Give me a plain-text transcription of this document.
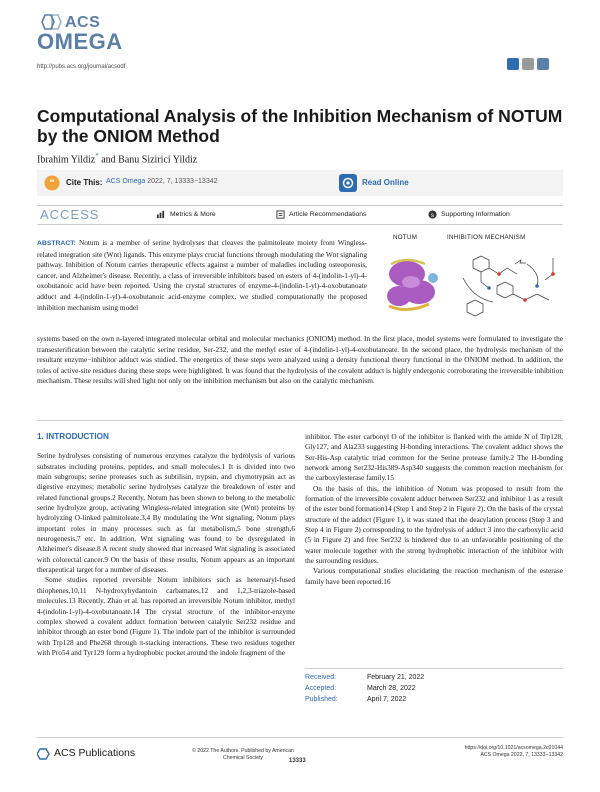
ACS
OMEGA
http://pubs.acs.org/journal/acsodf
Computational Analysis of the Inhibition Mechanism of NOTUM by the ONIOM Method
Ibrahim Yildiz* and Banu Sizirici Yildiz
" Cite This: ACS Omega 2022, 7, 13333−13342	Read Online
ACCESS	Metrics & More	Article Recommendations	s Supporting Information
ABSTRACT: Notum is a member of serine hydrolyses that cleaves the palmitoleate moiety from Wingless-related integration site (Wnt) ligands. This enzyme plays crucial functions through modulating the Wnt signaling pathway. Inhibition of Notum carries therapeutic effects against a number of maladies including osteoporosis, cancer, and Alzheimer's disease. Recently, a class of irreversible inhibitors based on esters of 4-(indolin-1-yl)-4-oxobutanoic acid have been reported. Using the crystal structures of enzyme-4-(indolin-1-yl)-4-oxobutanoate adduct and 4-(indolin-1-yl)-4-oxobutanoic acid-enzyme complex, we studied computationally the proposed inhibition mechanism using model
NOTUM	INHIBITION MECHANISM
systems based on the own n-layered integrated molecular orbital and molecular mechanics (ONIOM) method. In the first place, model systems were formulated to investigate the transesterification between the catalytic serine residue, Ser-232, and the methyl ester of 4-(indolin-1-yl)-4-oxobutanoate. In the second place, the hydrolysis mechanism of the resultant enzyme−inhibitor adduct was studied. The energetics of these steps were analyzed using a density functional theory functional in the ONIOM method. In addition, the roles of active-site residues during these steps were highlighted. It was found that the hydrolysis of the covalent adduct is highly endergonic corroborating the irreversible inhibition mechanism. These results will shed light not only on the inhibition mechanism but also on the catalytic mechanism.
1. INTRODUCTION

Serine hydrolyses consisting of numerous enzymes catalyze the hydrolysis of various substrates including proteins, peptides, and small molecules.1 It is divided into two main subgroups; serine proteases such as subtilisin, trypsin, and chymotrypsin act as digestive enzymes; metabolic serine hydrolyses catalyze the breakdown of ester and related functional groups.2 Recently, Notum has been shown to belong to the metabolic serine hydrolyze group, activating Wingless-related integration site (Wnt) proteins by hydrolyzing O-linked palmitoleate.3,4 By modulating the Wnt signaling, Notum plays important roles in many processes such as fat metabolism,5 bone strength,6 neurogenesis,7 etc. In addition, Wnt signaling was found to be dysregulated in Alzheimer's disease.8 A recent study showed that increased Wnt signaling is associated with colorectal cancer.9 On the basis of these results, Notum appears as an important therapeutical target for a number of diseases.

Some studies reported reversible Notum inhibitors such as heteroaryl-fused thiophenes,10,11 N-hydroxyhydantoin carbamates,12 and 1,2,3-triazole-based molecules.13 Recently, Zhao et al. has reported an irreversible Notum inhibitor, methyl 4-(indolin-1-yl)-4-oxobutanoate.14 The crystal structure of the inhibitor-enzyme complex showed a covalent adduct formation between catalytic Ser232 residue and inhibitor through an ester bond (Figure 1). The indole part of the inhibitor is surrounded with Trp128 and Phe268 through π-stacking interactions. These two residues together with Pro54 and Tyr129 form a hydrophobic pocket around the indole fragment of the

inhibitor. The ester carbonyl O of the inhibitor is flanked with the amide N of Trp128, Gly127, and Ala233 suggesting H-bonding interactions. The covalent adduct shows the Ser-His-Asp catalytic triad common for the Serine protease family.2 The H-bonding network among Ser232-His389-Asp340 suggests the common reaction mechanism for the carboxylesterase family.15

On the basis of this, the inhibition of Notum was proposed to result from the formation of the irreversible covalent adduct between Ser232 and inhibitor 1 as a result of the ester bond formation14 (Step 1 and Step 2 in Figure 2). On the basis of the crystal structure of the adduct (Figure 1), it was stated that the deacylation process (Step 3 and Step 4 in Figure 2) corresponding to the hydrolysis of adduct 3 into the carboxylic acid (5 in Figure 2) and free Ser232 is hindered due to an unfavorable positioning of the water molecule together with the strong hydrophobic interaction of the inhibitor with the surrounding residues.

Various computational studies elucidating the reaction mechanism of the esterase family have been reported.16

Received:	February 21, 2022
Accepted:	March 28, 2022
Published:	April 7, 2022
ACS Publications	© 2022 The Authors. Published by American Chemical Society
13333
https://doi.org/10.1021/acsomega.2c01044
ACS Omega 2022, 7, 13333−13342
